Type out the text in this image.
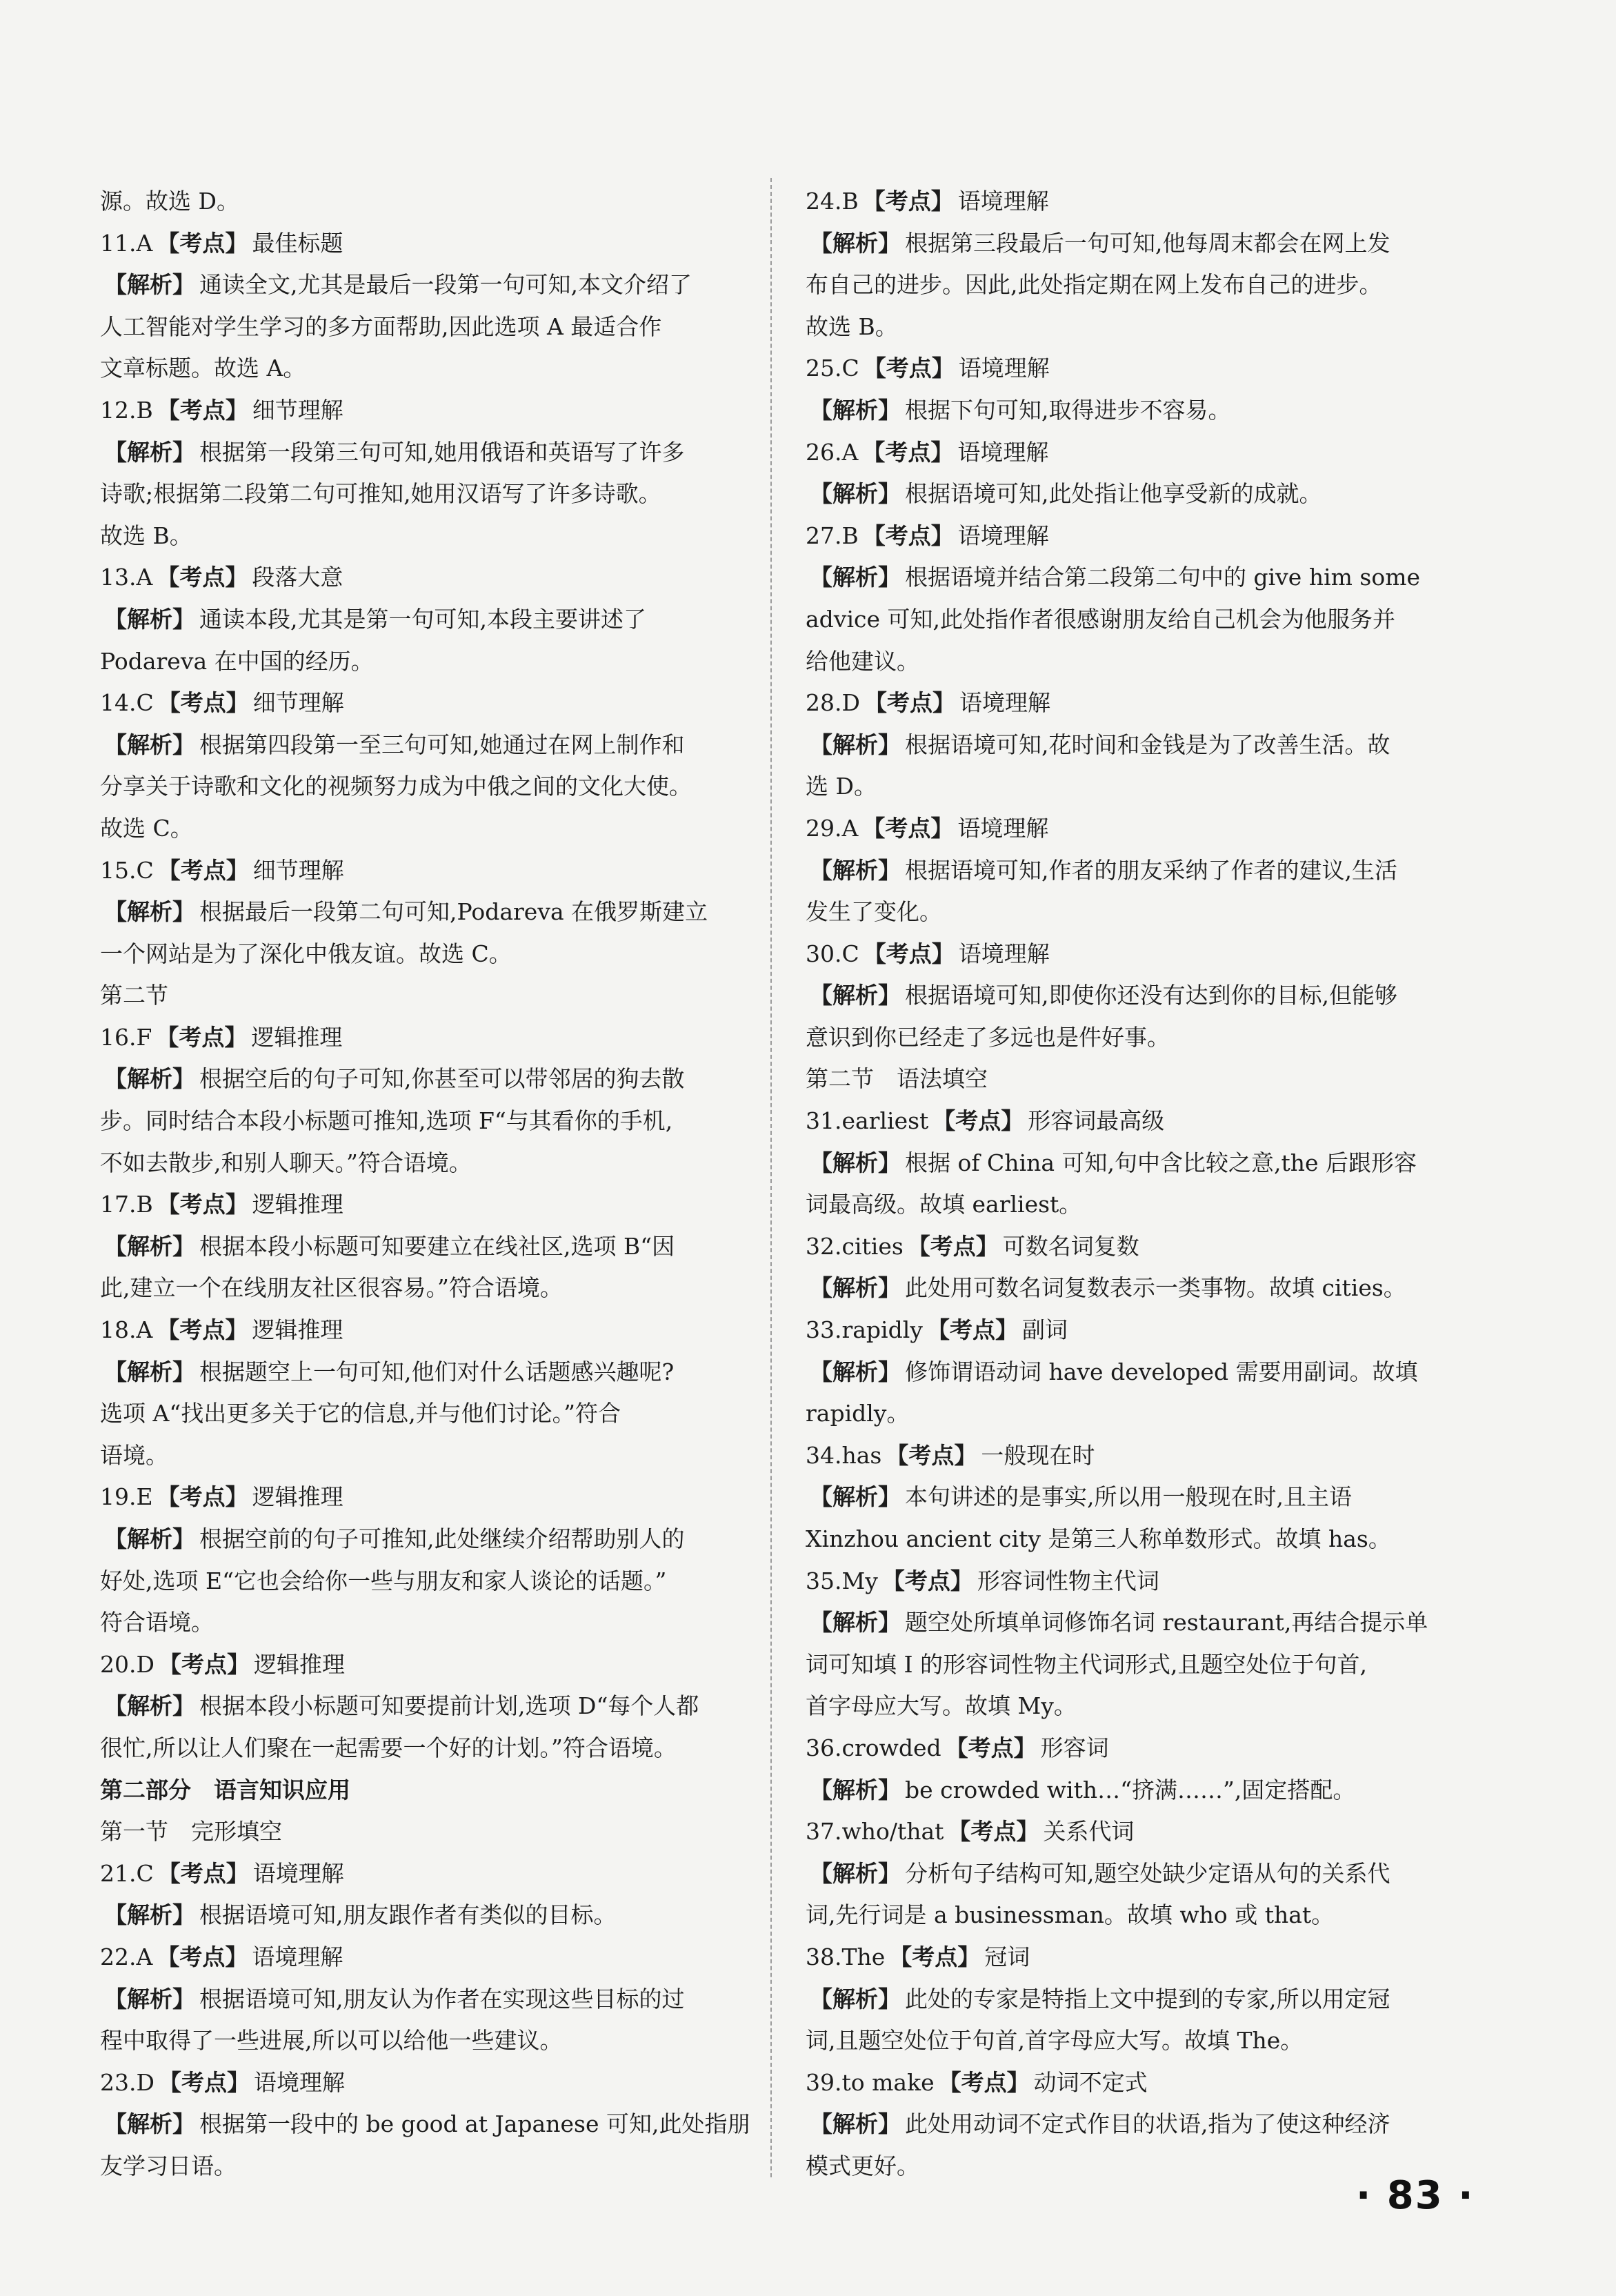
源。故选 D。
11.A 【考点】 最佳标题
【解析】 通读全文,尤其是最后一段第一句可知,本文介绍了
人工智能对学生学习的多方面帮助,因此选项 A 最适合作
文章标题。故选 A。
12.B 【考点】 细节理解
【解析】 根据第一段第三句可知,她用俄语和英语写了许多
诗歌;根据第二段第二句可推知,她用汉语写了许多诗歌。
故选 B。
13.A 【考点】 段落大意
【解析】 通读本段,尤其是第一句可知,本段主要讲述了
Podareva 在中国的经历。
14.C 【考点】 细节理解
【解析】 根据第四段第一至三句可知,她通过在网上制作和
分享关于诗歌和文化的视频努力成为中俄之间的文化大使。
故选 C。
15.C 【考点】 细节理解
【解析】 根据最后一段第二句可知,Podareva 在俄罗斯建立
一个网站是为了深化中俄友谊。故选 C。
第二节
16.F 【考点】 逻辑推理
【解析】 根据空后的句子可知,你甚至可以带邻居的狗去散
步。同时结合本段小标题可推知,选项 F“与其看你的手机,
不如去散步,和别人聊天。”符合语境。
17.B 【考点】 逻辑推理
【解析】 根据本段小标题可知要建立在线社区,选项 B“因
此,建立一个在线朋友社区很容易。”符合语境。
18.A 【考点】 逻辑推理
【解析】 根据题空上一句可知,他们对什么话题感兴趣呢?
选项 A“找出更多关于它的信息,并与他们讨论。”符合
语境。
19.E 【考点】 逻辑推理
【解析】 根据空前的句子可推知,此处继续介绍帮助别人的
好处,选项 E“它也会给你一些与朋友和家人谈论的话题。”
符合语境。
20.D 【考点】 逻辑推理
【解析】 根据本段小标题可知要提前计划,选项 D“每个人都
很忙,所以让人们聚在一起需要一个好的计划。”符合语境。
第二部分　语言知识应用
第一节　完形填空
21.C 【考点】 语境理解
【解析】 根据语境可知,朋友跟作者有类似的目标。
22.A 【考点】 语境理解
【解析】 根据语境可知,朋友认为作者在实现这些目标的过
程中取得了一些进展,所以可以给他一些建议。
23.D 【考点】 语境理解
【解析】 根据第一段中的 be good at Japanese 可知,此处指朋
友学习日语。
24.B 【考点】 语境理解
【解析】 根据第三段最后一句可知,他每周末都会在网上发
布自己的进步。因此,此处指定期在网上发布自己的进步。
故选 B。
25.C 【考点】 语境理解
【解析】 根据下句可知,取得进步不容易。
26.A 【考点】 语境理解
【解析】 根据语境可知,此处指让他享受新的成就。
27.B 【考点】 语境理解
【解析】 根据语境并结合第二段第二句中的 give him some
advice 可知,此处指作者很感谢朋友给自己机会为他服务并
给他建议。
28.D 【考点】 语境理解
【解析】 根据语境可知,花时间和金钱是为了改善生活。故
选 D。
29.A 【考点】 语境理解
【解析】 根据语境可知,作者的朋友采纳了作者的建议,生活
发生了变化。
30.C 【考点】 语境理解
【解析】 根据语境可知,即使你还没有达到你的目标,但能够
意识到你已经走了多远也是件好事。
第二节　语法填空
31.earliest 【考点】 形容词最高级
【解析】 根据 of China 可知,句中含比较之意,the 后跟形容
词最高级。故填 earliest。
32.cities 【考点】 可数名词复数
【解析】 此处用可数名词复数表示一类事物。故填 cities。
33.rapidly 【考点】 副词
【解析】 修饰谓语动词 have developed 需要用副词。故填
rapidly。
34.has 【考点】 一般现在时
【解析】 本句讲述的是事实,所以用一般现在时,且主语
Xinzhou ancient city 是第三人称单数形式。故填 has。
35.My 【考点】 形容词性物主代词
【解析】 题空处所填单词修饰名词 restaurant,再结合提示单
词可知填 I 的形容词性物主代词形式,且题空处位于句首,
首字母应大写。故填 My。
36.crowded 【考点】 形容词
【解析】 be crowded with…“挤满……”,固定搭配。
37.who/that 【考点】 关系代词
【解析】 分析句子结构可知,题空处缺少定语从句的关系代
词,先行词是 a businessman。故填 who 或 that。
38.The 【考点】 冠词
【解析】 此处的专家是特指上文中提到的专家,所以用定冠
词,且题空处位于句首,首字母应大写。故填 The。
39.to make 【考点】 动词不定式
【解析】 此处用动词不定式作目的状语,指为了使这种经济
模式更好。
· 83 ·
